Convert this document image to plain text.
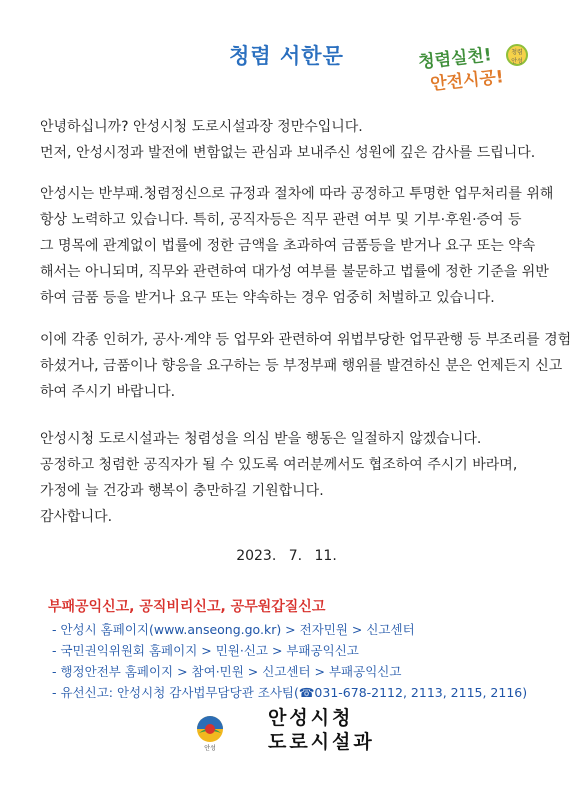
청렴 서한문	청렴실천!
안전시공!
청렴 안성
안녕하십니까? 안성시청 도로시설과장 정만수입니다.
먼저, 안성시정과 발전에 변함없는 관심과 보내주신 성원에 깊은 감사를 드립니다.
안성시는 반부패.청렴정신으로 규정과 절차에 따라 공정하고 투명한 업무처리를 위해
항상 노력하고 있습니다. 특히, 공직자등은 직무 관련 여부 및 기부·후원·증여 등
그 명목에 관계없이 법률에 정한 금액을 초과하여 금품등을 받거나 요구 또는 약속
해서는 아니되며, 직무와 관련하여 대가성 여부를 불문하고 법률에 정한 기준을 위반
하여 금품 등을 받거나 요구 또는 약속하는 경우 엄중히 처벌하고 있습니다.
이에 각종 인허가, 공사·계약 등 업무와 관련하여 위법부당한 업무관행 등 부조리를 경험
하셨거나, 금품이나 향응을 요구하는 등 부정부패 행위를 발견하신 분은 언제든지 신고
하여 주시기 바랍니다.
안성시청 도로시설과는 청렴성을 의심 받을 행동은 일절하지 않겠습니다.
공정하고 청렴한 공직자가 될 수 있도록 여러분께서도 협조하여 주시기 바라며,
가정에 늘 건강과 행복이 충만하길 기원합니다.
감사합니다.
2023. 7. 11.
부패공익신고, 공직비리신고, 공무원갑질신고
- 안성시 홈페이지(www.anseong.go.kr) > 전자민원 > 신고센터
- 국민권익위원회 홈페이지 > 민원·신고 > 부패공익신고
- 행정안전부 홈페이지 > 참여·민원 > 신고센터 > 부패공익신고
- 유선신고: 안성시청 감사법무담당관 조사팀(☎031-678-2112, 2113, 2115, 2116)
안성
안성시청
도로시설과
